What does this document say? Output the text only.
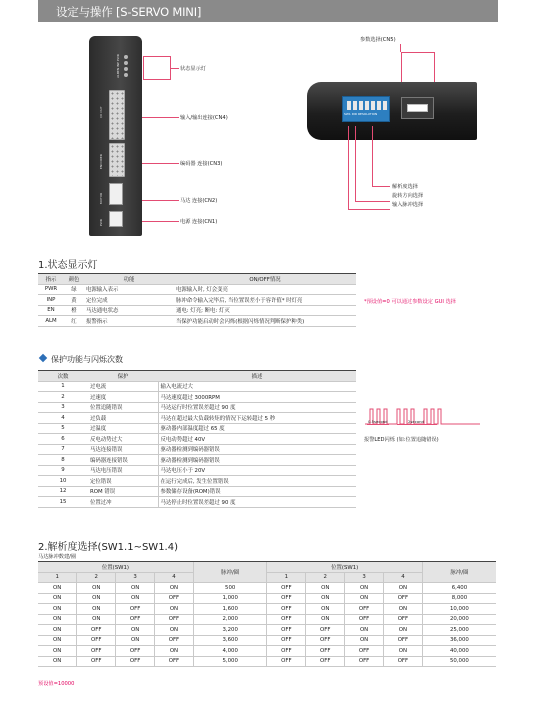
设定与操作 [S-SERVO MINI]
PWR
INP
EN
ALM
I/O OUT
ENCODER
MOTOR
PWR
状态显示灯
输入/输出连接(CN4)
编码器 连接(CN3)
马达 连接(CN2)
电源 连接(CN1)
参数选择(CN5)
SW1 DIR RESOLUTION
解析度选择
旋转方向选择
输入脉冲选择
1.状态显示灯
指示	颜色	功能	ON/OFF情况
PWR	绿	电源输入表示	电源输入时, 灯会变亮
INP	黄	定位完成	脉冲命令输入完毕后, 当位置误差小于容许值* 时灯亮
EN	橙	马达通电状态	通电: 灯亮; 断电: 灯灭
ALM	红	报警指示	当保护功能启动时会闪烁(根据闪烁情况判断保护种类)
*预设值=0 可以通过参数设定 GUI 选择
保护功能与闪烁次数
次数	保护	描述
1	过电流	输入电流过大
2	过速度	马达速度超过 3000RPM
3	位置追随错误	马达运行时位置误差超过 90 度
4	过负载	马达在超过最大负载转矩的情况下运转超过 5 秒
5	过温度	驱动器内部温度超过 65 度
6	反电动势过大	反电动势超过 40V
7	马达连接错误	驱动器检测到编码器错误
8	编码器连接错误	驱动器检测到编码器错误
9	马达电压错误	马达电压小于 20V
10	定位错误	在运行完成后, 发生位置错误
12	ROM 错误	参数储存设备(ROM)错误
15	位置过冲	马达停止时位置误差超过 90 度
0.5second	2second
报警LED闪烁 (如:位置追随错误)
2.解析度选择(SW1.1~SW1.4)
马达脉冲数建/圈
位置(SW1)				脉冲/圈	位置(SW1)				脉冲/圈
1	2	3	4		1	2	3	4	
ON	ON	ON	ON	500	OFF	ON	ON	ON	6,400
ON	ON	ON	OFF	1,000	OFF	ON	ON	OFF	8,000
ON	ON	OFF	ON	1,600	OFF	ON	OFF	ON	10,000
ON	ON	OFF	OFF	2,000	OFF	ON	OFF	OFF	20,000
ON	OFF	ON	ON	3,200	OFF	OFF	ON	ON	25,000
ON	OFF	ON	OFF	3,600	OFF	OFF	ON	OFF	36,000
ON	OFF	OFF	ON	4,000	OFF	OFF	OFF	ON	40,000
ON	OFF	OFF	OFF	5,000	OFF	OFF	OFF	OFF	50,000
预设值=10000
